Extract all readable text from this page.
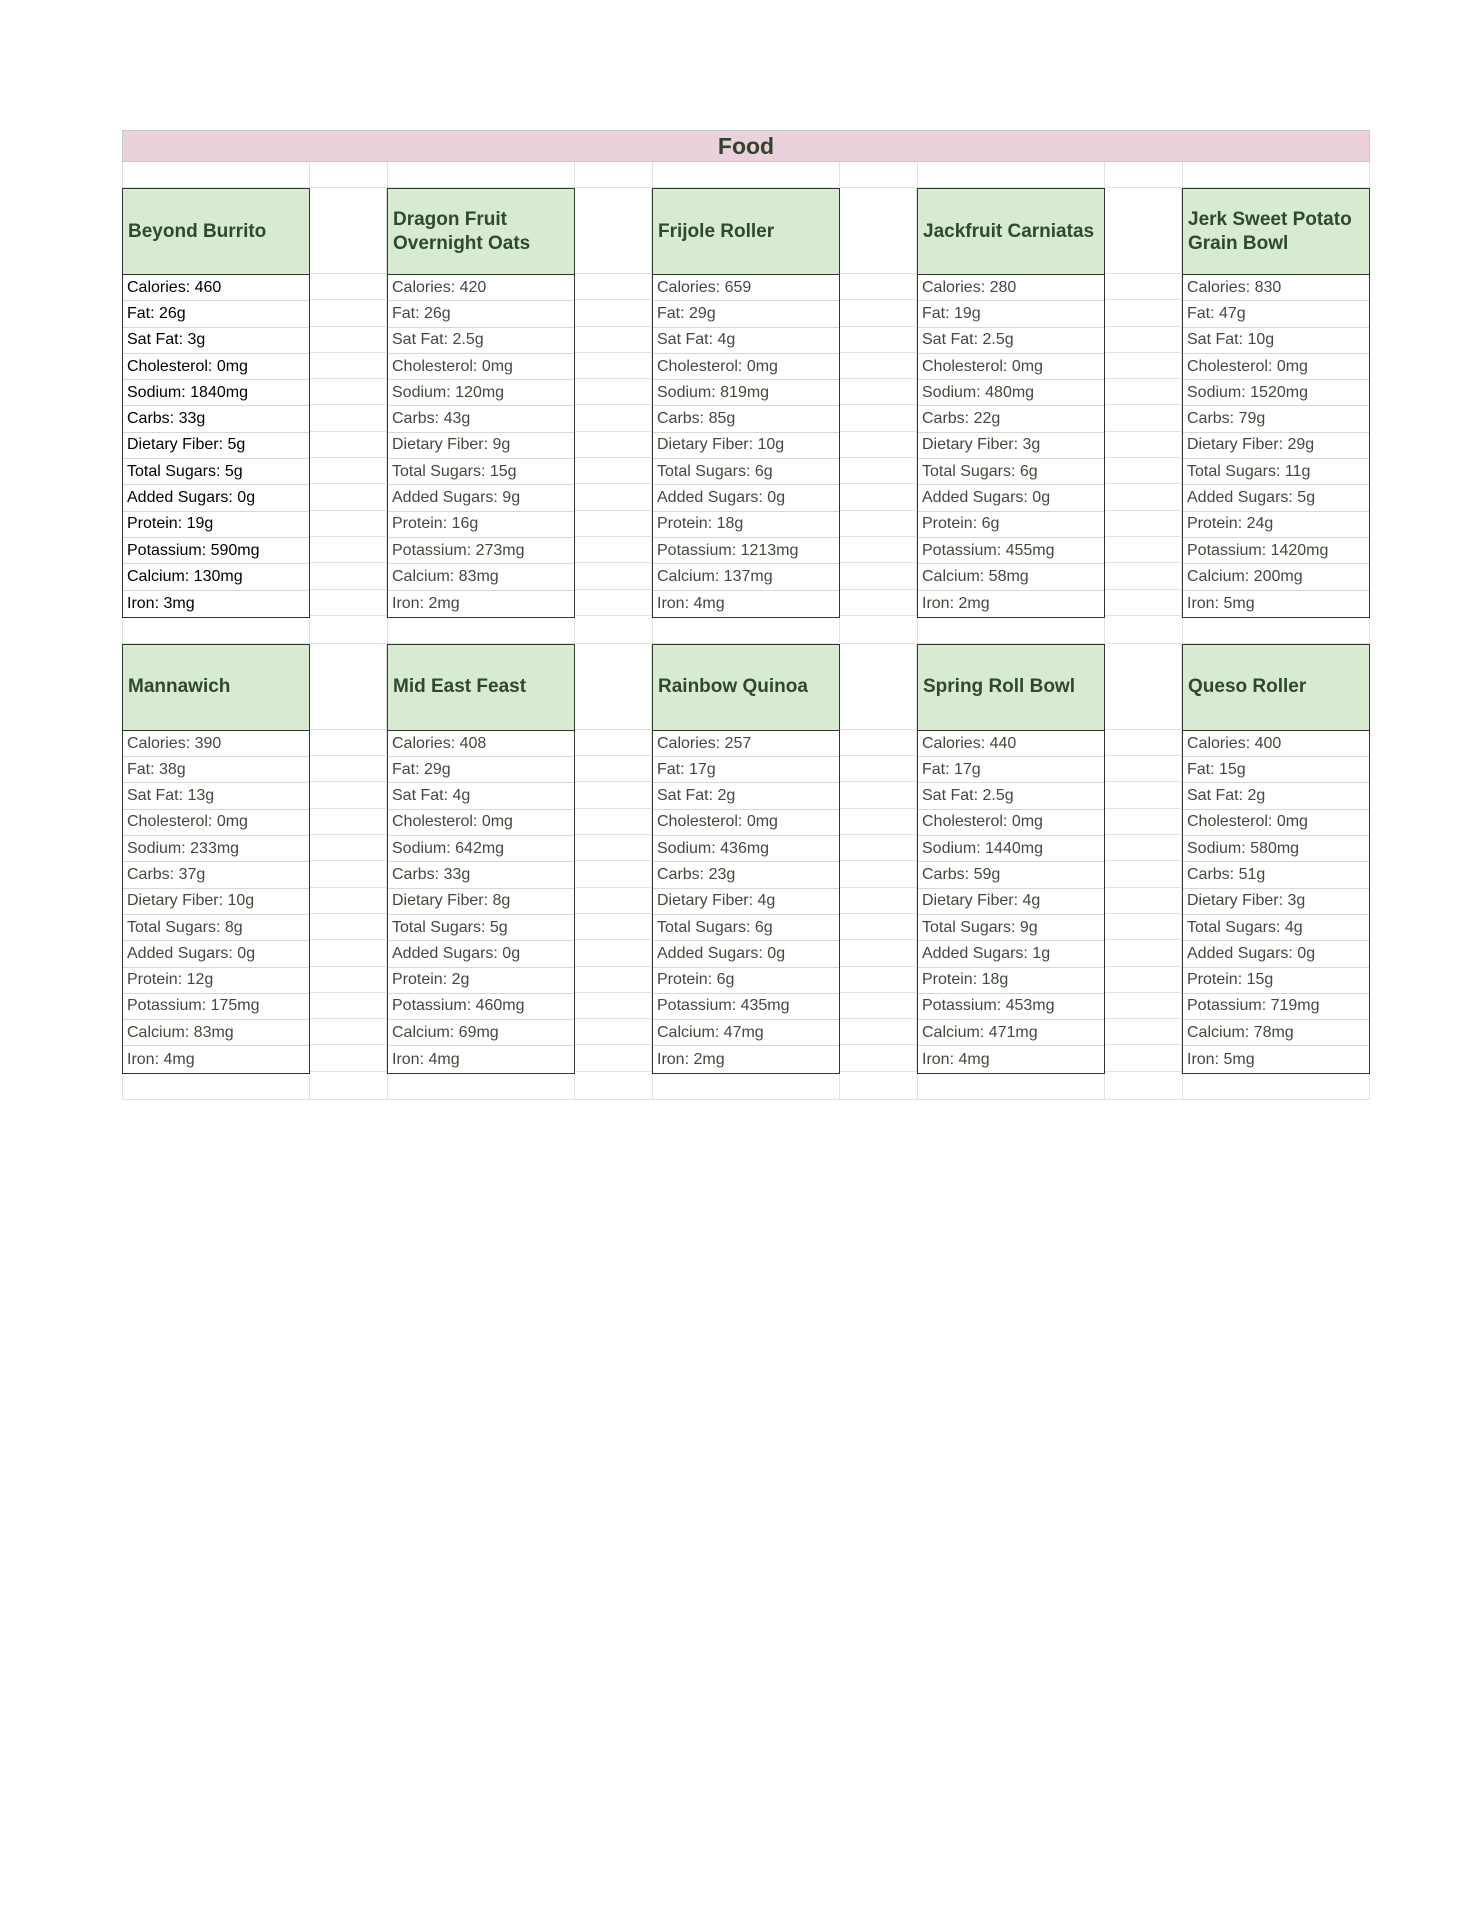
Food
Beyond Burrito
Calories: 460
Fat: 26g
Sat Fat: 3g
Cholesterol: 0mg
Sodium: 1840mg
Carbs: 33g
Dietary Fiber: 5g
Total Sugars: 5g
Added Sugars: 0g
Protein: 19g
Potassium: 590mg
Calcium: 130mg
Iron: 3mg
Dragon Fruit Overnight Oats
Calories: 420
Fat: 26g
Sat Fat: 2.5g
Cholesterol: 0mg
Sodium: 120mg
Carbs: 43g
Dietary Fiber: 9g
Total Sugars: 15g
Added Sugars: 9g
Protein: 16g
Potassium: 273mg
Calcium: 83mg
Iron: 2mg
Frijole Roller
Calories: 659
Fat: 29g
Sat Fat: 4g
Cholesterol: 0mg
Sodium: 819mg
Carbs: 85g
Dietary Fiber: 10g
Total Sugars: 6g
Added Sugars: 0g
Protein: 18g
Potassium: 1213mg
Calcium: 137mg
Iron: 4mg
Jackfruit Carniatas
Calories: 280
Fat: 19g
Sat Fat: 2.5g
Cholesterol: 0mg
Sodium: 480mg
Carbs: 22g
Dietary Fiber: 3g
Total Sugars: 6g
Added Sugars: 0g
Protein: 6g
Potassium: 455mg
Calcium: 58mg
Iron: 2mg
Jerk Sweet Potato Grain Bowl
Calories: 830
Fat: 47g
Sat Fat: 10g
Cholesterol: 0mg
Sodium: 1520mg
Carbs: 79g
Dietary Fiber: 29g
Total Sugars: 11g
Added Sugars: 5g
Protein: 24g
Potassium: 1420mg
Calcium: 200mg
Iron: 5mg
Mannawich
Calories: 390
Fat: 38g
Sat Fat: 13g
Cholesterol: 0mg
Sodium: 233mg
Carbs: 37g
Dietary Fiber: 10g
Total Sugars: 8g
Added Sugars: 0g
Protein: 12g
Potassium: 175mg
Calcium: 83mg
Iron: 4mg
Mid East Feast
Calories: 408
Fat: 29g
Sat Fat: 4g
Cholesterol: 0mg
Sodium: 642mg
Carbs: 33g
Dietary Fiber: 8g
Total Sugars: 5g
Added Sugars: 0g
Protein: 2g
Potassium: 460mg
Calcium: 69mg
Iron: 4mg
Rainbow Quinoa
Calories: 257
Fat: 17g
Sat Fat: 2g
Cholesterol: 0mg
Sodium: 436mg
Carbs: 23g
Dietary Fiber: 4g
Total Sugars: 6g
Added Sugars: 0g
Protein: 6g
Potassium: 435mg
Calcium: 47mg
Iron: 2mg
Spring Roll Bowl
Calories: 440
Fat: 17g
Sat Fat: 2.5g
Cholesterol: 0mg
Sodium: 1440mg
Carbs: 59g
Dietary Fiber: 4g
Total Sugars: 9g
Added Sugars: 1g
Protein: 18g
Potassium: 453mg
Calcium: 471mg
Iron: 4mg
Queso Roller
Calories: 400
Fat: 15g
Sat Fat: 2g
Cholesterol: 0mg
Sodium: 580mg
Carbs: 51g
Dietary Fiber: 3g
Total Sugars: 4g
Added Sugars: 0g
Protein: 15g
Potassium: 719mg
Calcium: 78mg
Iron: 5mg
